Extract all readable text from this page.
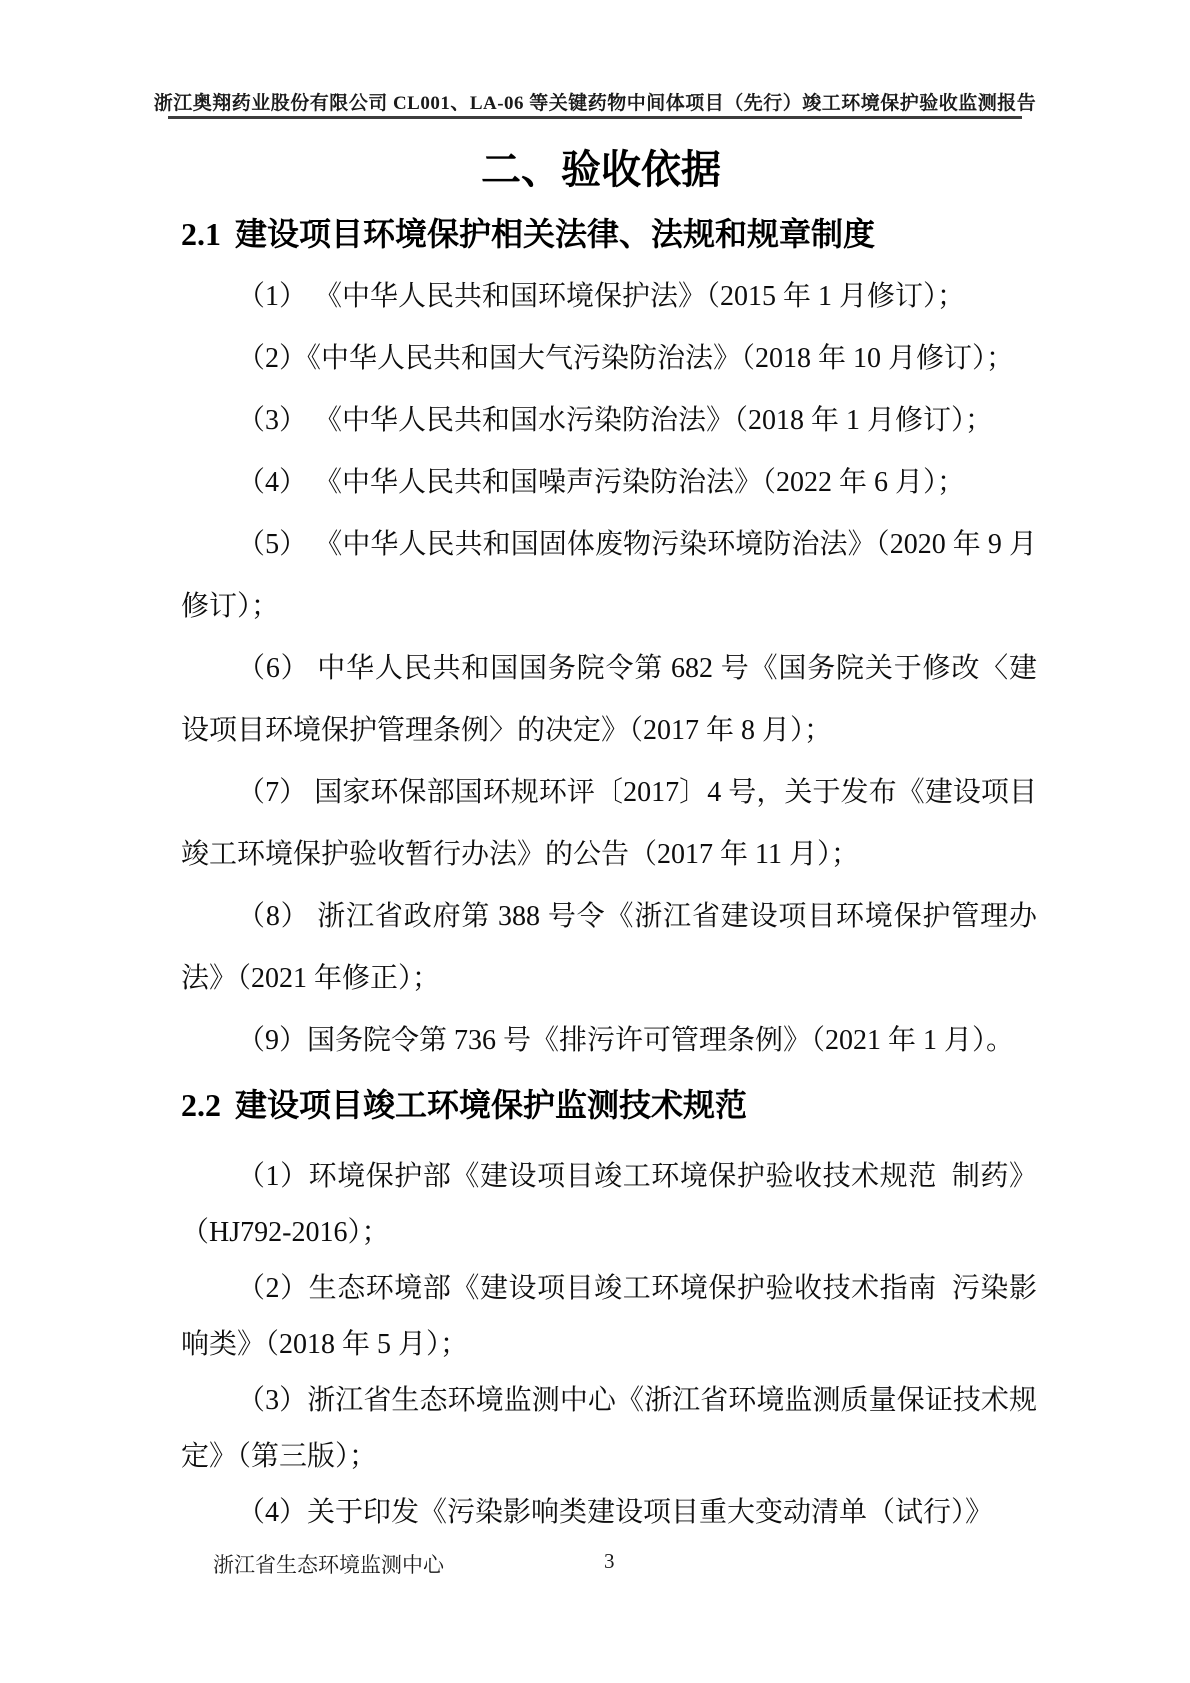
浙江奥翔药业股份有限公司 CL001、LA-06 等关键药物中间体项目（先行）竣工环境保护验收监测报告
二、验收依据
2.1 建设项目环境保护相关法律、法规和规章制度

（1） 《中华人民共和国环境保护法》（2015 年 1 月修订）；

（2）《中华人民共和国大气污染防治法》（2018 年 10 月修订）；

（3） 《中华人民共和国水污染防治法》（2018 年 1 月修订）；

（4） 《中华人民共和国噪声污染防治法》（2022 年 6 月）；

（5） 《中华人民共和国固体废物污染环境防治法》（2020 年 9 月修订）；

（6） 中华人民共和国国务院令第 682 号《国务院关于修改〈建设项目环境保护管理条例〉的决定》（2017 年 8 月）；

（7） 国家环保部国环规环评〔2017〕4 号，关于发布《建设项目竣工环境保护验收暂行办法》的公告（2017 年 11 月）；

（8） 浙江省政府第 388 号令《浙江省建设项目环境保护管理办法》（2021 年修正）；

（9）国务院令第 736 号《排污许可管理条例》（2021 年 1 月）。

2.2 建设项目竣工环境保护监测技术规范

（1）环境保护部《建设项目竣工环境保护验收技术规范  制药》（HJ792-2016）；

（2）生态环境部《建设项目竣工环境保护验收技术指南  污染影响类》（2018 年 5 月）；

（3）浙江省生态环境监测中心《浙江省环境监测质量保证技术规定》（第三版）；

（4）关于印发《污染影响类建设项目重大变动清单（试行）》

浙江省生态环境监测中心	3
